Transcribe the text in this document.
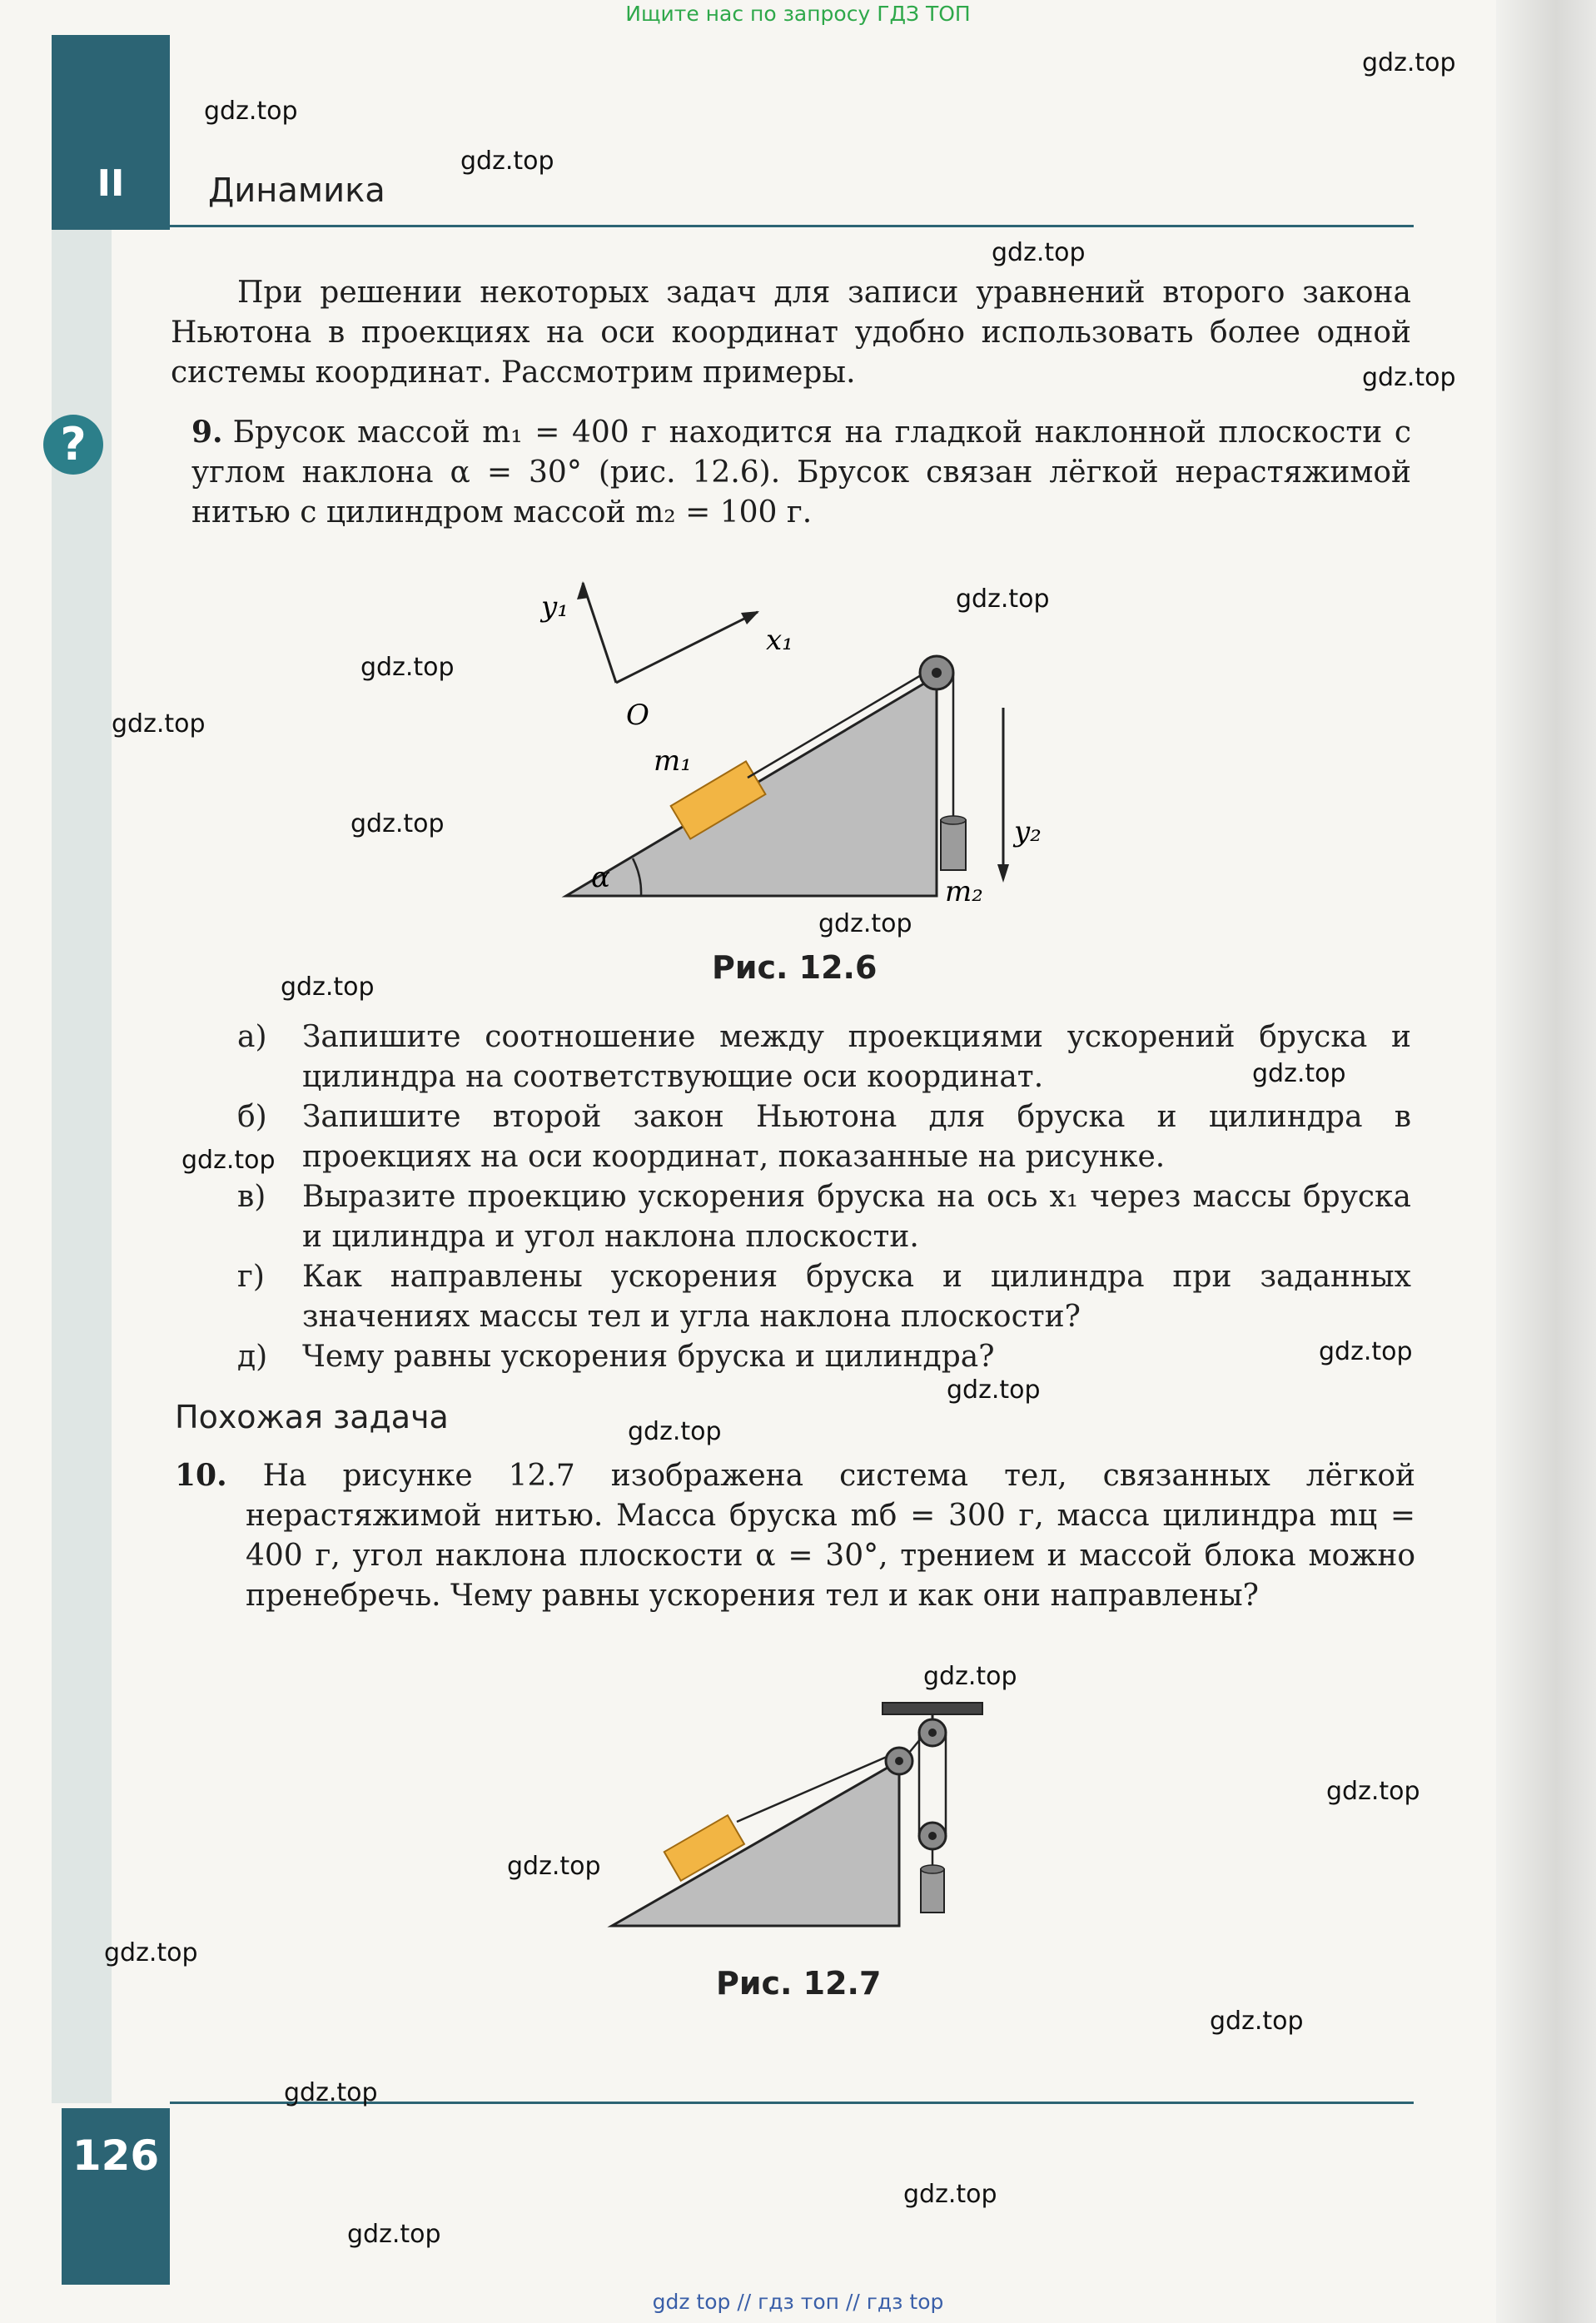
Ищите нас по запросу ГДЗ ТОП
II	Динамика
При решении некоторых задач для записи уравнений второго закона Ньютона в проекциях на оси координат удобно использовать более одной системы координат. Рассмотрим примеры.
?	9. Брусок массой m₁ = 400 г находится на гладкой наклонной плоскости с углом наклона α = 30° (рис. 12.6). Брусок связан лёгкой нерастяжимой нитью с цилиндром массой m₂ = 100 г.
y₁
x₁
O
α
m₁
m₂
y₂
Рис. 12.6
а)	Запишите соотношение между проекциями ускорений бруска и цилиндра на соответствующие оси координат.
б)	Запишите второй закон Ньютона для бруска и цилиндра в проекциях на оси координат, показанные на рисунке.
в)	Выразите проекцию ускорения бруска на ось x₁ через массы бруска и цилиндра и угол наклона плоскости.
г)	Как направлены ускорения бруска и цилиндра при заданных значениях массы тел и угла наклона плоскости?
д)	Чему равны ускорения бруска и цилиндра?
Похожая задача
10. На рисунке 12.7 изображена система тел, связанных лёгкой нерастяжимой нитью. Масса бруска mб = 300 г, масса цилиндра mц = 400 г, угол наклона плоскости α = 30°, трением и массой блока можно пренебречь. Чему равны ускорения тел и как они направлены?
Рис. 12.7
126
gdz.top
gdz.top
gdz.top
gdz.top
gdz.top
gdz.top
gdz.top
gdz.top
gdz.top
gdz.top
gdz.top
gdz.top
gdz.top
gdz.top
gdz.top
gdz.top
gdz.top
gdz.top
gdz.top
gdz.top
gdz.top
gdz.top
gdz.top
gdz.top
gdz top // гдз топ // гдз top
